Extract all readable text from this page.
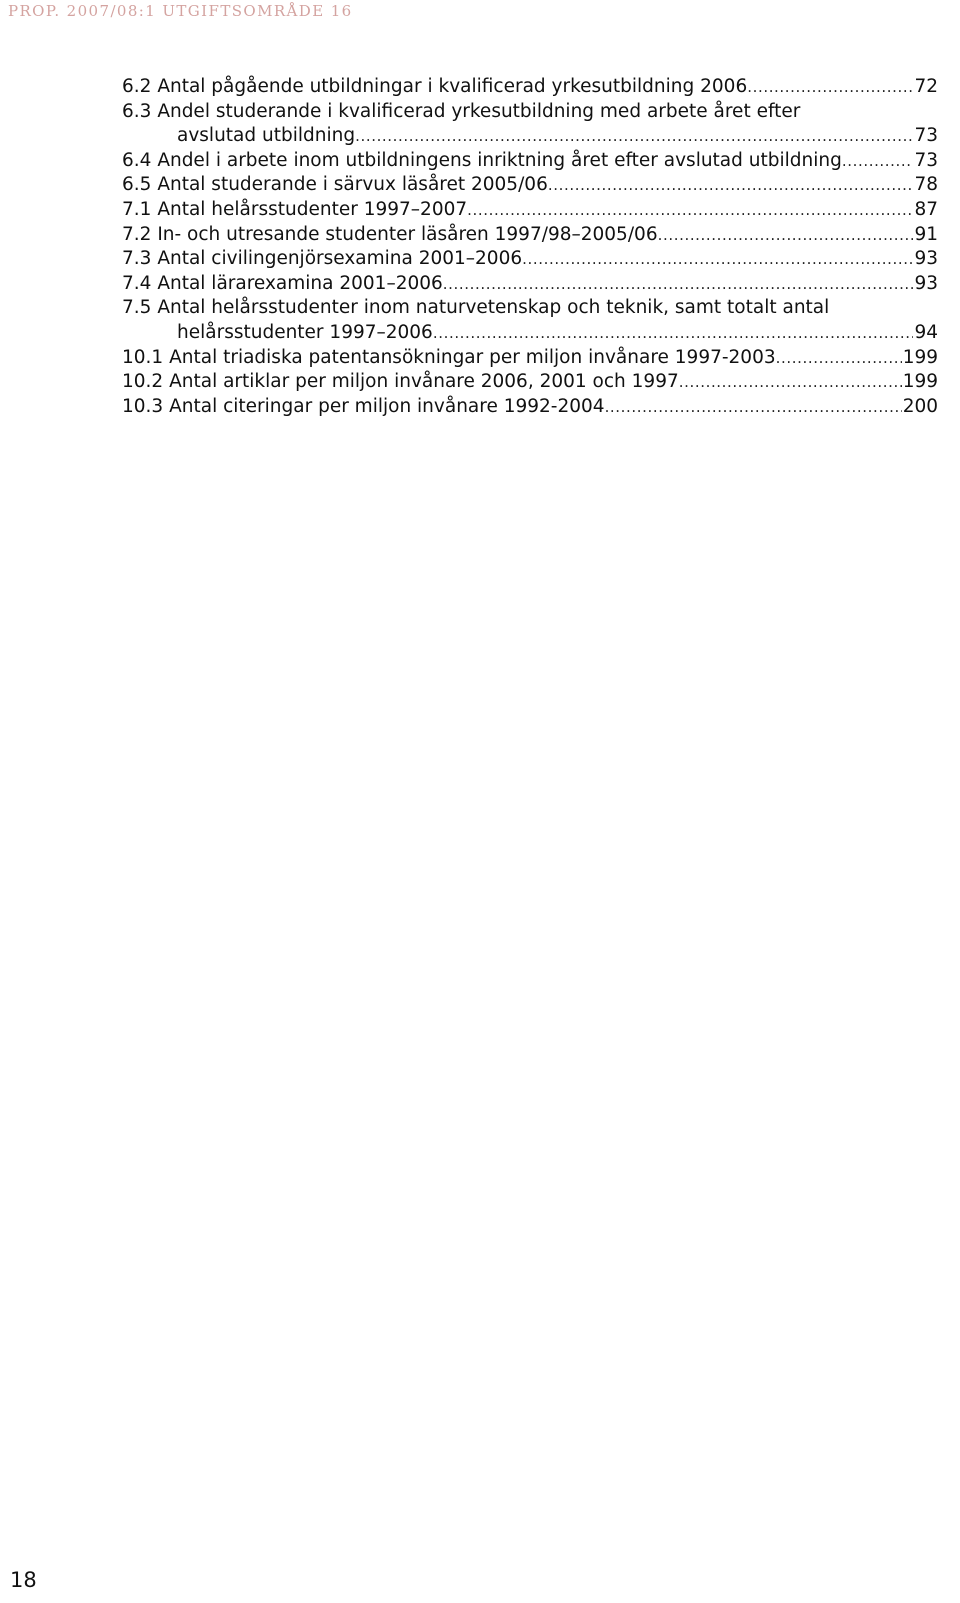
PROP. 2007/08:1 UTGIFTSOMRÅDE 16
6.2
Antal pågående utbildningar i kvalificerad yrkesutbildning 2006 .....	72
6.3
Andel studerande i kvalificerad yrkesutbildning med arbete året efter
avslutad utbildning .....	73
6.4
Andel i arbete inom utbildningens inriktning året efter avslutad utbildning .....	73
6.5
Antal studerande i särvux läsåret 2005/06 .....	78
7.1
Antal helårsstudenter 1997–2007 .....	87
7.2
In- och utresande studenter läsåren 1997/98–2005/06 .....	91
7.3
Antal civilingenjörsexamina 2001–2006 .....	93
7.4
Antal lärarexamina 2001–2006 .....	93
7.5
Antal helårsstudenter inom naturvetenskap och teknik, samt totalt antal
helårsstudenter 1997–2006 .....	94
10.1
Antal triadiska patentansökningar per miljon invånare 1997-2003 .....	199
10.2
Antal artiklar per miljon invånare 2006, 2001 och 1997 .....	199
10.3
Antal citeringar per miljon invånare 1992-2004 .....	200
18
